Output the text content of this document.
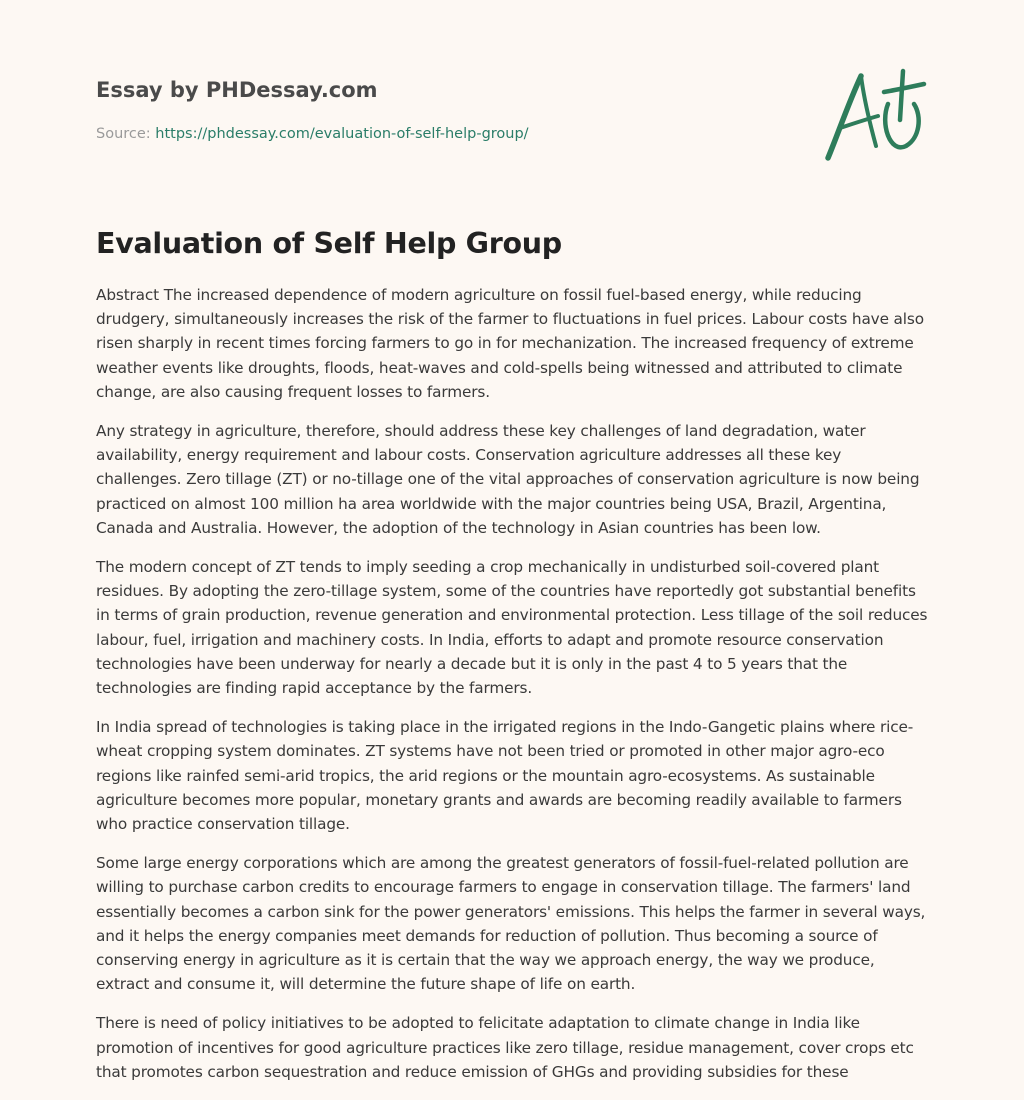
Essay by PHDessay.com
Source: https://phdessay.com/evaluation-of-self-help-group/
Evaluation of Self Help Group

Abstract The increased dependence of modern agriculture on fossil fuel-based energy, while reducing drudgery, simultaneously increases the risk of the farmer to fluctuations in fuel prices. Labour costs have also risen sharply in recent times forcing farmers to go in for mechanization. The increased frequency of extreme weather events like droughts, floods, heat-waves and cold-spells being witnessed and attributed to climate change, are also causing frequent losses to farmers.

Any strategy in agriculture, therefore, should address these key challenges of land degradation, water availability, energy requirement and labour costs. Conservation agriculture addresses all these key challenges. Zero tillage (ZT) or no-tillage one of the vital approaches of conservation agriculture is now being practiced on almost 100 million ha area worldwide with the major countries being USA, Brazil, Argentina, Canada and Australia. However, the adoption of the technology in Asian countries has been low.

The modern concept of ZT tends to imply seeding a crop mechanically in undisturbed soil-covered plant residues. By adopting the zero-tillage system, some of the countries have reportedly got substantial benefits in terms of grain production, revenue generation and environmental protection. Less tillage of the soil reduces labour, fuel, irrigation and machinery costs. In India, efforts to adapt and promote resource conservation technologies have been underway for nearly a decade but it is only in the past 4 to 5 years that the technologies are finding rapid acceptance by the farmers.

In India spread of technologies is taking place in the irrigated regions in the Indo-Gangetic plains where rice-wheat cropping system dominates. ZT systems have not been tried or promoted in other major agro-eco regions like rainfed semi-arid tropics, the arid regions or the mountain agro-ecosystems. As sustainable agriculture becomes more popular, monetary grants and awards are becoming readily available to farmers who practice conservation tillage.

Some large energy corporations which are among the greatest generators of fossil-fuel-related pollution are willing to purchase carbon credits to encourage farmers to engage in conservation tillage. The farmers' land essentially becomes a carbon sink for the power generators' emissions. This helps the farmer in several ways, and it helps the energy companies meet demands for reduction of pollution. Thus becoming a source of conserving energy in agriculture as it is certain that the way we approach energy, the way we produce, extract and consume it, will determine the future shape of life on earth.

There is need of policy initiatives to be adopted to felicitate adaptation to climate change in India like promotion of incentives for good agriculture practices like zero tillage, residue management, cover crops etc that promotes carbon sequestration and reduce emission of GHGs and providing subsidies for these
